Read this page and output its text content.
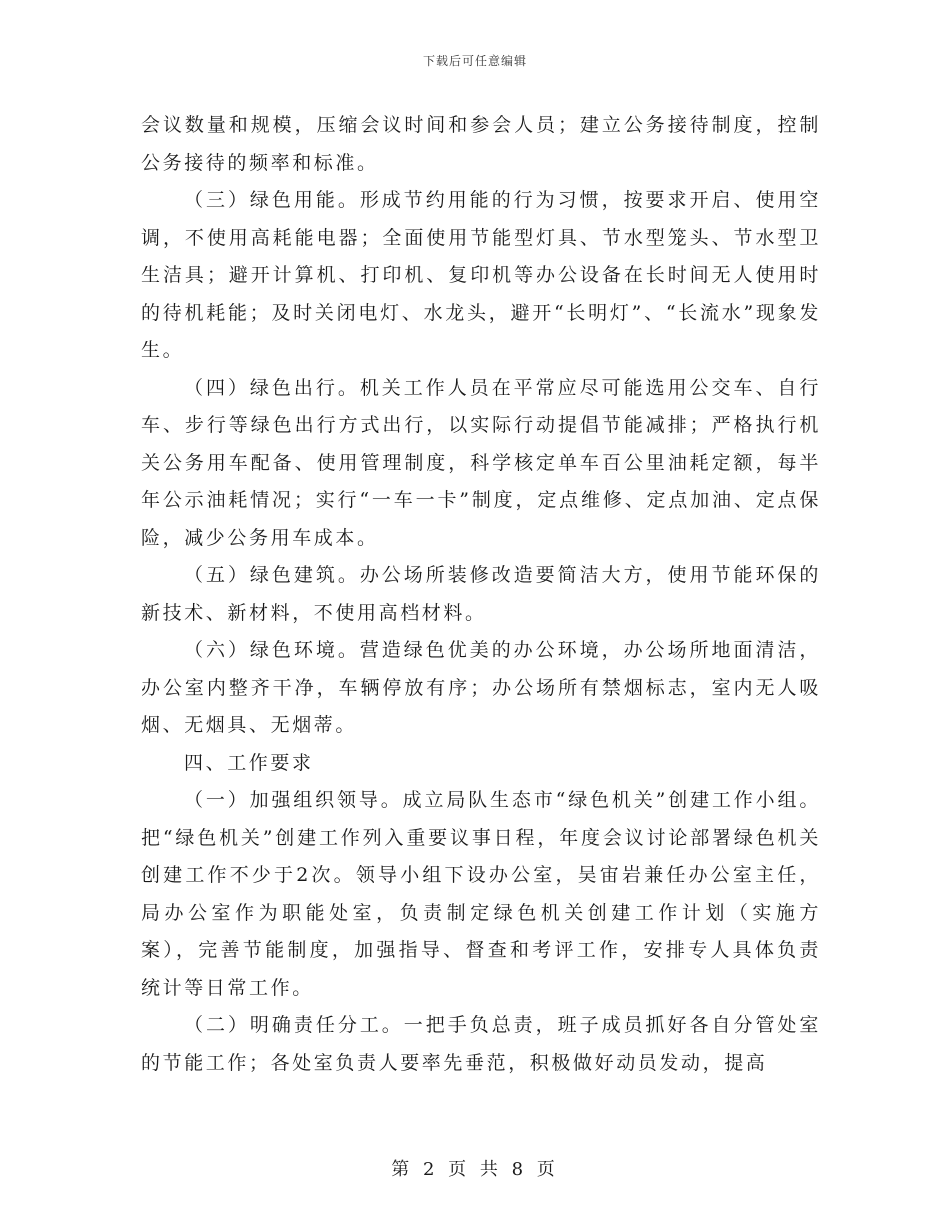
下载后可任意编辑

会议数量和规模，压缩会议时间和参会人员；建立公务接待制度，控制公务接待的频率和标准。

（三）绿色用能。形成节约用能的行为习惯，按要求开启、使用空调，不使用高耗能电器；全面使用节能型灯具、节水型笼头、节水型卫生洁具；避开计算机、打印机、复印机等办公设备在长时间无人使用时的待机耗能；及时关闭电灯、水龙头，避开“长明灯”、“长流水”现象发生。

（四）绿色出行。机关工作人员在平常应尽可能选用公交车、自行车、步行等绿色出行方式出行，以实际行动提倡节能减排；严格执行机关公务用车配备、使用管理制度，科学核定单车百公里油耗定额，每半年公示油耗情况；实行“一车一卡”制度，定点维修、定点加油、定点保险，减少公务用车成本。

（五）绿色建筑。办公场所装修改造要简洁大方，使用节能环保的新技术、新材料，不使用高档材料。

（六）绿色环境。营造绿色优美的办公环境，办公场所地面清洁，办公室内整齐干净，车辆停放有序；办公场所有禁烟标志，室内无人吸烟、无烟具、无烟蒂。

四、工作要求

（一）加强组织领导。成立局队生态市“绿色机关”创建工作小组。把“绿色机关”创建工作列入重要议事日程，年度会议讨论部署绿色机关创建工作不少于2次。领导小组下设办公室，吴宙岩兼任办公室主任，局办公室作为职能处室，负责制定绿色机关创建工作计划（实施方案），完善节能制度，加强指导、督查和考评工作，安排专人具体负责统计等日常工作。

（二）明确责任分工。一把手负总责，班子成员抓好各自分管处室的节能工作；各处室负责人要率先垂范，积极做好动员发动，提高

第 2 页 共 8 页
